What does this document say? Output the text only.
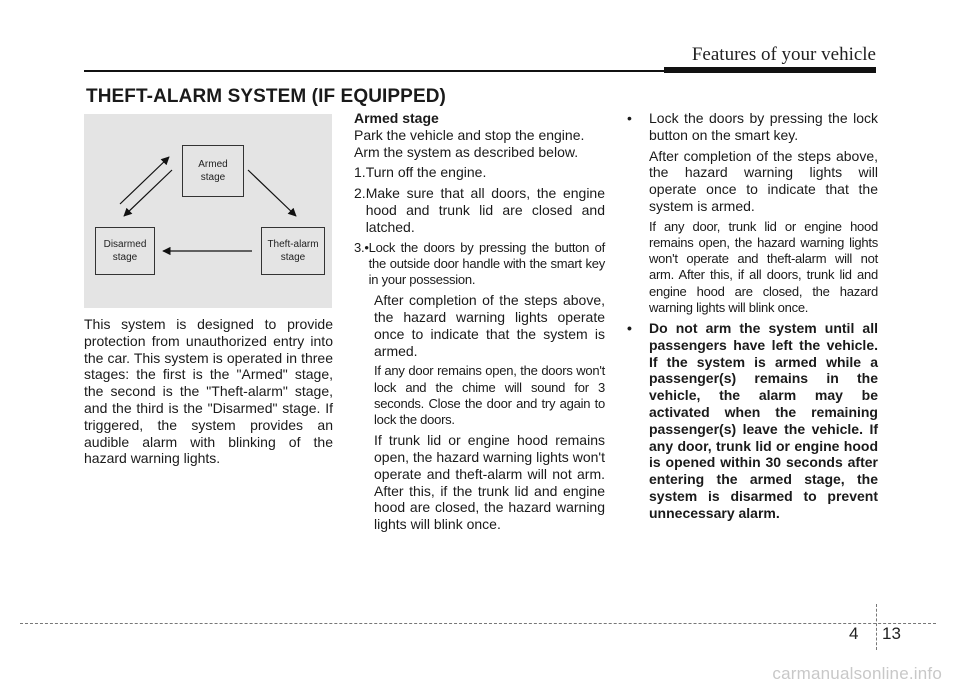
Features of your vehicle
THEFT-ALARM SYSTEM (IF EQUIPPED)
Armed stage
Disarmed stage
Theft-alarm stage
This system is designed to provide protection from unauthorized entry into the car. This system is operated in three stages: the first is the "Armed" stage, the second is the "Theft-alarm" stage, and the third is the "Disarmed" stage. If triggered, the system provides an audible alarm with blinking of the hazard warning lights.

Armed stage

Park the vehicle and stop the engine. Arm the system as described below.

1. Turn off the engine.
2. Make sure that all doors, the engine hood and trunk lid are closed and latched.
3.• Lock the doors by pressing the button of the outside door handle with the smart key in your possession.

After completion of the steps above, the hazard warning lights operate once to indicate that the system is armed.

If any door remains open, the doors won't lock and the chime will sound for 3 seconds. Close the door and try again to lock the doors.

If trunk lid or engine hood remains open, the hazard warning lights won't operate and theft-alarm will not arm. After this, if the trunk lid and engine hood are closed, the hazard warning lights will blink once.

•	Lock the doors by pressing the lock button on the smart key.

After completion of the steps above, the hazard warning lights will operate once to indicate that the system is armed.

If any door, trunk lid or engine hood remains open, the hazard warning lights won't operate and theft-alarm will not arm. After this, if all doors, trunk lid and engine hood are closed, the hazard warning lights will blink once.

•	Do not arm the system until all passengers have left the vehicle. If the system is armed while a passenger(s) remains in the vehicle, the alarm may be activated when the remaining passenger(s) leave the vehicle. If any door, trunk lid or engine hood is opened within 30 seconds after entering the armed stage, the system is disarmed to prevent unnecessary alarm.
4 13
carmanualsonline.info
